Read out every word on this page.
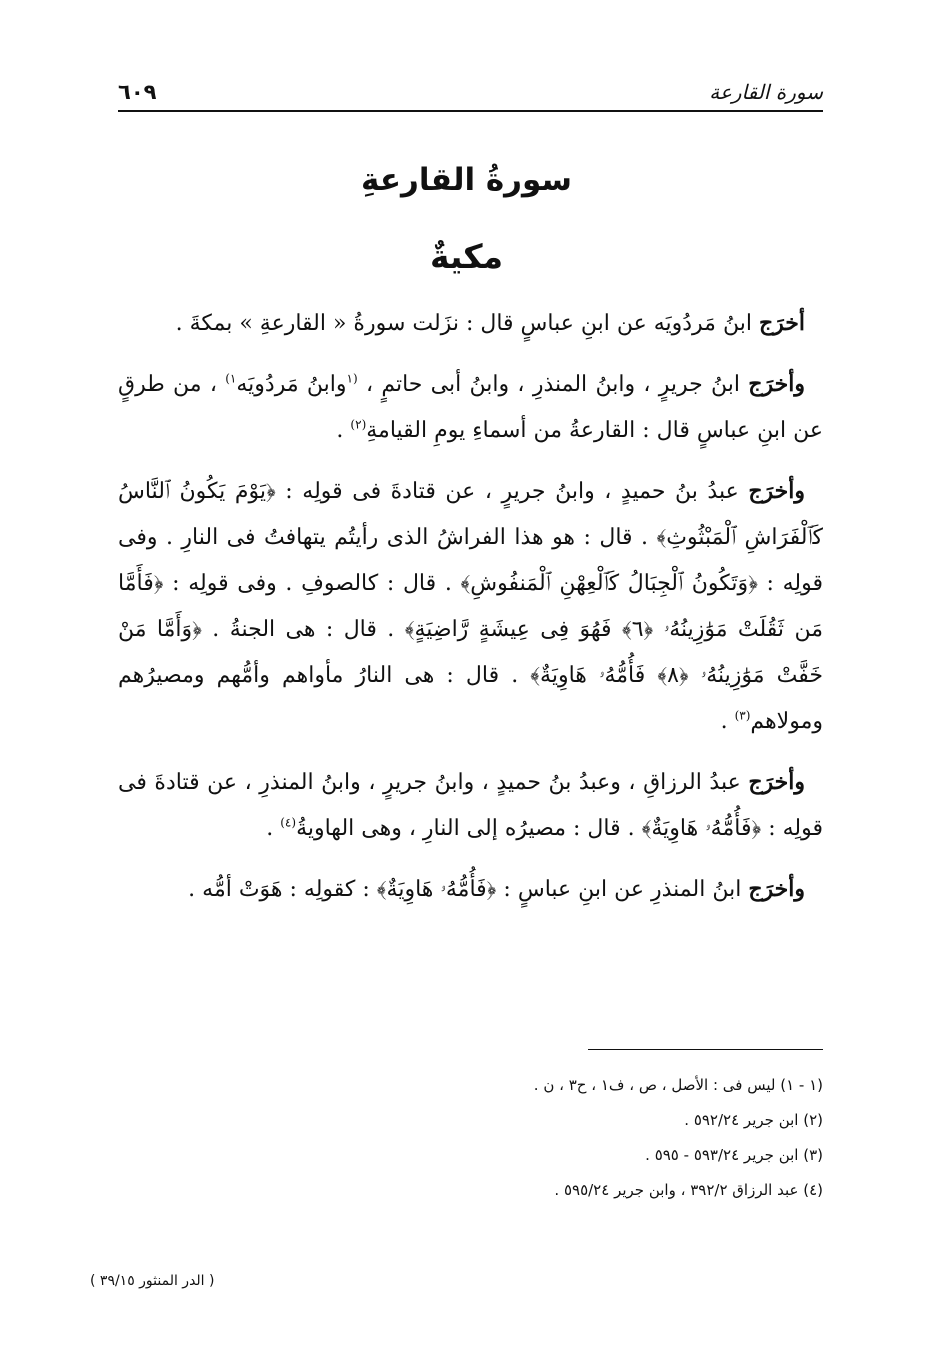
سورة القارعة
٦٠٩
سورةُ القارعةِ
مكيةٌ

أخرَج ابنُ مَردُويَه عن ابنِ عباسٍ قال : نزَلت سورةُ « القارعةِ » بمكةَ .

وأخرَج ابنُ جريرٍ ، وابنُ المنذرِ ، وابنُ أبى حاتمٍ ، $^{(١}$وابنُ مَردُويَه$^{١)}$ ، من طرقٍ عن ابنِ عباسٍ قال : القارعةُ من أسماءِ يومِ القيامةِ$^{(٢)}$ .

وأخرَج عبدُ بنُ حميدٍ ، وابنُ جريرٍ ، عن قتادةَ فى قولِه : ﴿يَوْمَ يَكُونُ ٱلنَّاسُ كَٱلْفَرَاشِ ٱلْمَبْثُوثِ﴾ . قال : هو هذا الفراشُ الذى رأيتُم يتهافتُ فى النارِ . وفى قولِه : ﴿وَتَكُونُ ٱلْجِبَالُ كَٱلْعِهْنِ ٱلْمَنفُوشِ﴾ . قال : كالصوفِ . وفى قولِه : ﴿فَأَمَّا مَن ثَقُلَتْ مَوَٰزِينُهُۥ ﴿٦﴾ فَهُوَ فِى عِيشَةٍ رَّاضِيَةٍ﴾ . قال : هى الجنةُ . ﴿وَأَمَّا مَنْ خَفَّتْ مَوَٰزِينُهُۥ ﴿٨﴾ فَأُمُّهُۥ هَاوِيَةٌ﴾ . قال : هى النارُ مأواهم وأمُّهم ومصيرُهم ومولاهم$^{(٣)}$ .

وأخرَج عبدُ الرزاقِ ، وعبدُ بنُ حميدٍ ، وابنُ جريرٍ ، وابنُ المنذرِ ، عن قتادةَ فى قولِه : ﴿فَأُمُّهُۥ هَاوِيَةٌ﴾ . قال : مصيرُه إلى النارِ ، وهى الهاويةُ$^{(٤)}$ .

وأخرَج ابنُ المنذرِ عن ابنِ عباسٍ : ﴿فَأُمُّهُۥ هَاوِيَةٌ﴾ : كقولِه : هَوَتْ أمُّه .

(١ - ١) ليس فى : الأصل ، ص ، ف١ ، ح٣ ، ن .
(٢) ابن جرير ٥٩٢/٢٤ .
(٣) ابن جرير ٥٩٣/٢٤ - ٥٩٥ .
(٤) عبد الرزاق ٣٩٢/٢ ، وابن جرير ٥٩٥/٢٤ .
( الدر المنثور ٣٩/١٥ )
